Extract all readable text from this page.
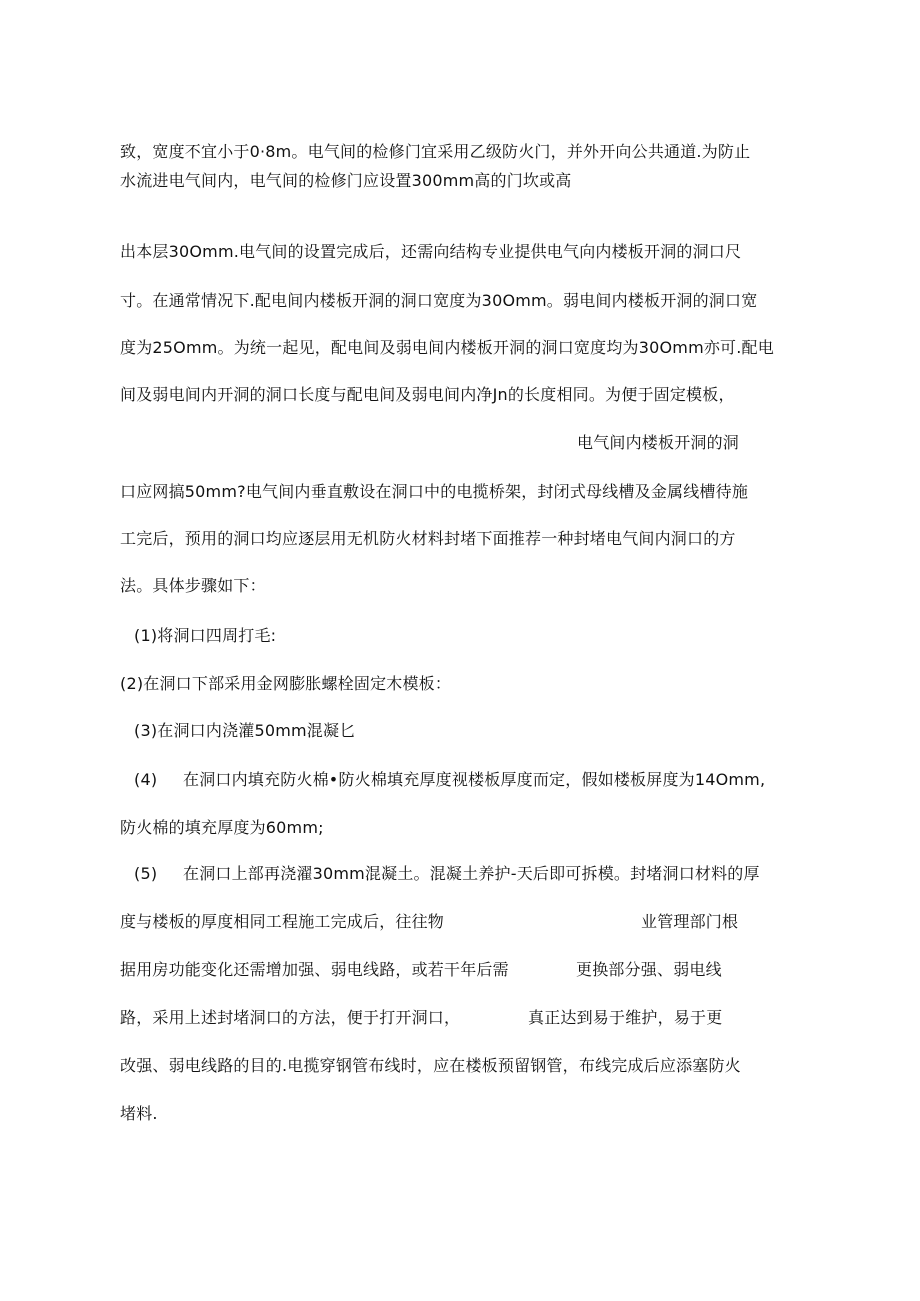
致，宽度不宜小于0·8m。电气间的检修门宜采用乙级防火门，并外开向公共通道.为防止
水流进电气间内，电气间的检修门应设置300mm高的门坎或高
出本层30Omm.电气间的设置完成后，还需向结构专业提供电气向内楼板开洞的洞口尺
寸。在通常情况下.配电间内楼板开洞的洞口宽度为30Omm。弱电间内楼板开洞的洞口宽
度为25Omm。为统一起见，配电间及弱电间内楼板开洞的洞口宽度均为30Omm亦可.配电
间及弱电间内开洞的洞口长度与配电间及弱电间内净Jn的长度相同。为便于固定模板，
电气间内楼板开洞的洞
口应网搞50mm?电气间内垂直敷设在洞口中的电揽桥架，封闭式母线槽及金属线槽待施
工完后，预用的洞口均应逐层用无机防火材料封堵下面推荐一种封堵电气间内洞口的方
法。具体步骤如下：
(1)将洞口四周打毛:
(2)在洞口下部采用金网膨胀螺栓固定木模板：
(3)在洞口内浇灌50mm混凝匕
(4) 在洞口内填充防火棉•防火棉填充厚度视楼板厚度而定，假如楼板屏度为14Omm,
防火棉的填充厚度为60mm;
(5) 在洞口上部再浇濯30mm混凝土。混凝土养护-天后即可拆模。封堵洞口材料的厚
度与楼板的厚度相同工程施工完成后，往往物	业管理部门根
据用房功能变化还需增加强、弱电线路，或若干年后需	更换部分强、弱电线
路，采用上述封堵洞口的方法，便于打开洞口，	真正达到易于维护，易于更
改强、弱电线路的目的.电揽穿钢管布线时，应在楼板预留钢管，布线完成后应添塞防火
堵料.
